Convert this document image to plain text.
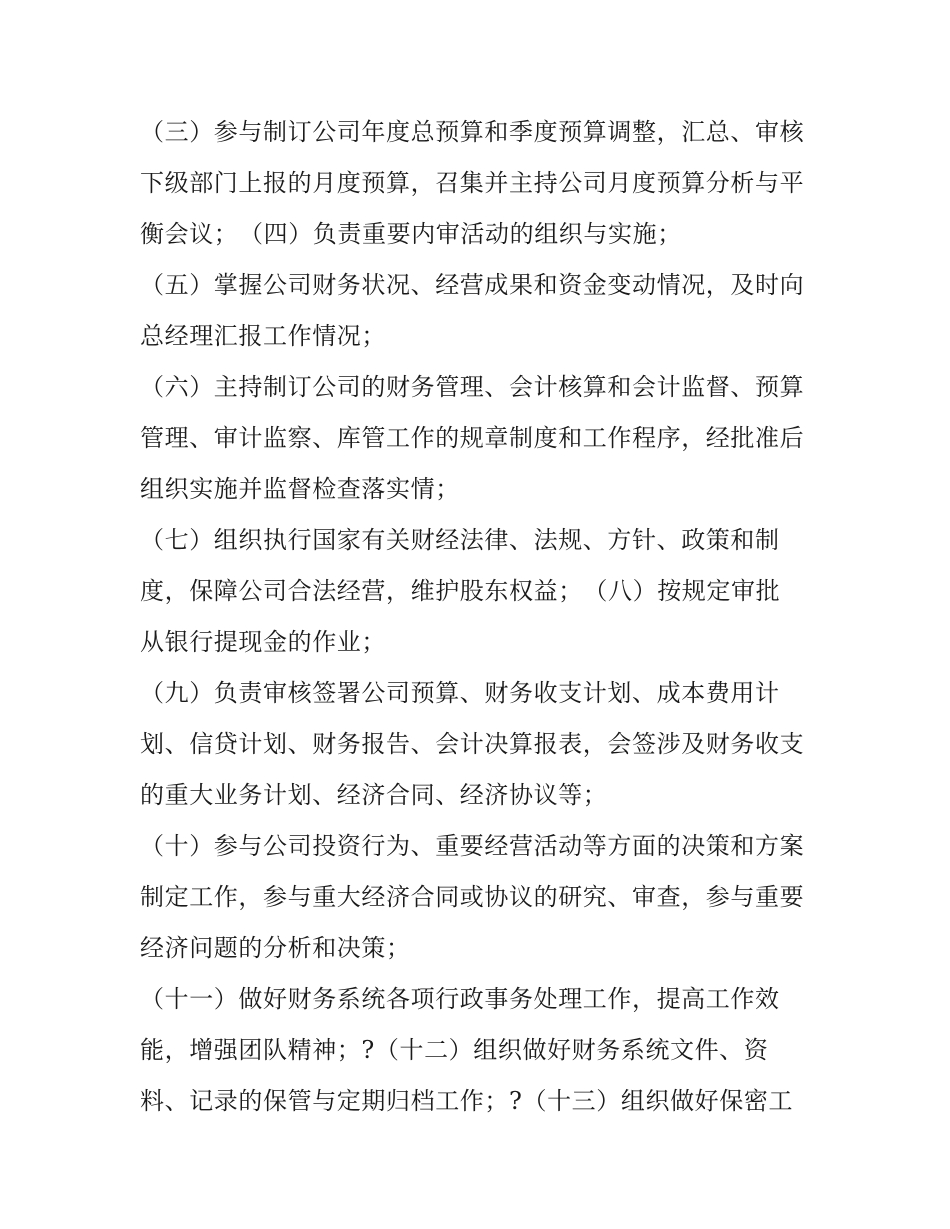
（三）参与制订公司年度总预算和季度预算调整，汇总、审核
下级部门上报的月度预算，召集并主持公司月度预算分析与平
衡会议；　（四）负责重要内审活动的组织与实施；
（五）掌握公司财务状况、经营成果和资金变动情况，及时向
总经理汇报工作情况；
（六）主持制订公司的财务管理、会计核算和会计监督、预算
管理、审计监察、库管工作的规章制度和工作程序，经批准后
组织实施并监督检查落实情；
（七）组织执行国家有关财经法律、法规、方针、政策和制
度，保障公司合法经营，维护股东权益；　（八）按规定审批
从银行提现金的作业；
（九）负责审核签署公司预算、财务收支计划、成本费用计
划、信贷计划、财务报告、会计决算报表，会签涉及财务收支
的重大业务计划、经济合同、经济协议等；
（十）参与公司投资行为、重要经营活动等方面的决策和方案
制定工作，参与重大经济合同或协议的研究、审查，参与重要
经济问题的分析和决策；
（十一）做好财务系统各项行政事务处理工作，提高工作效
能，增强团队精神；?（十二）组织做好财务系统文件、资
料、记录的保管与定期归档工作；?（十三）组织做好保密工
